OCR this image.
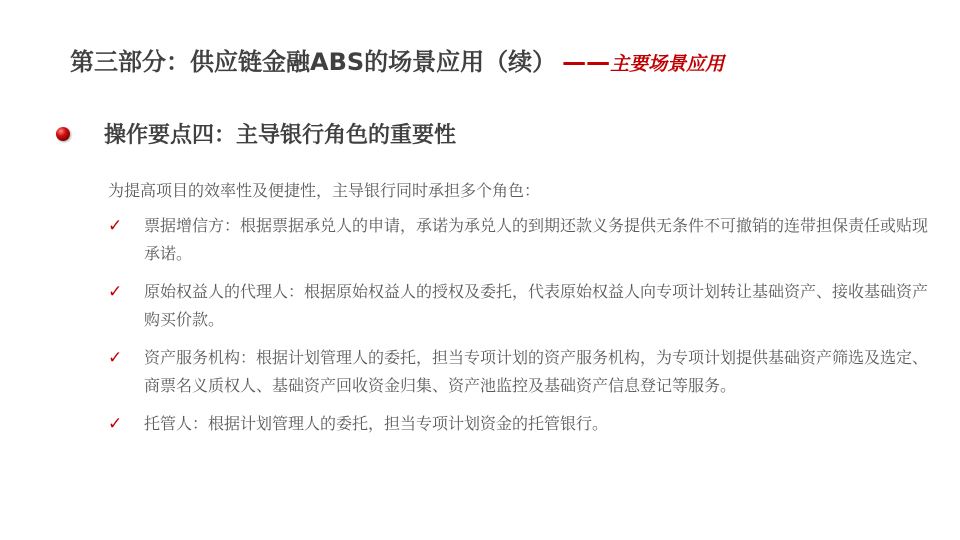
第三部分：供应链金融ABS的场景应用（续） ——主要场景应用
操作要点四：主导银行角色的重要性
为提高项目的效率性及便捷性，主导银行同时承担多个角色：
✓ 票据增信方：根据票据承兑人的申请，承诺为承兑人的到期还款义务提供无条件不可撤销的连带担保责任或贴现承诺。
✓ 原始权益人的代理人：根据原始权益人的授权及委托，代表原始权益人向专项计划转让基础资产、接收基础资产购买价款。
✓ 资产服务机构：根据计划管理人的委托，担当专项计划的资产服务机构，为专项计划提供基础资产筛选及选定、商票名义质权人、基础资产回收资金归集、资产池监控及基础资产信息登记等服务。
✓ 托管人：根据计划管理人的委托，担当专项计划资金的托管银行。
